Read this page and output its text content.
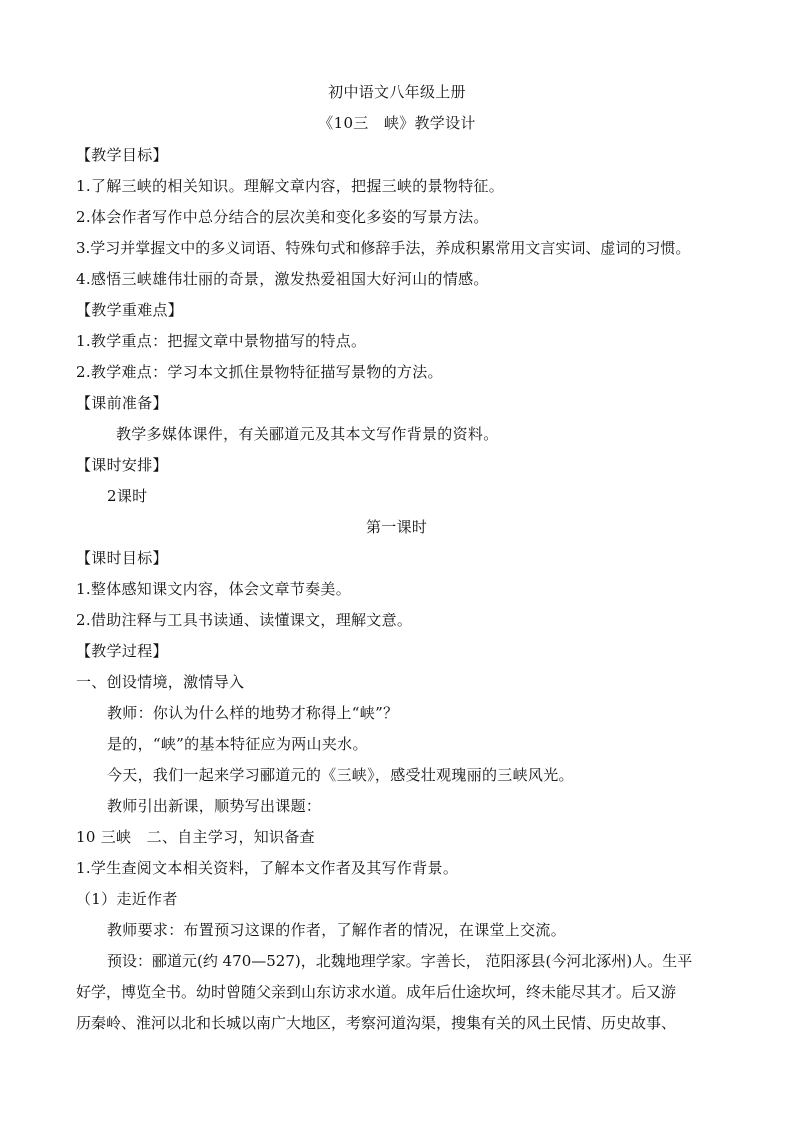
初中语文八年级上册
《10三　峡》教学设计
【教学目标】
1.了解三峡的相关知识。理解文章内容，把握三峡的景物特征。
2.体会作者写作中总分结合的层次美和变化多姿的写景方法。
3.学习并掌握文中的多义词语、特殊句式和修辞手法，养成积累常用文言实词、虚词的习惯。
4.感悟三峡雄伟壮丽的奇景，激发热爱祖国大好河山的情感。
【教学重难点】
1.教学重点：把握文章中景物描写的特点。
2.教学难点：学习本文抓住景物特征描写景物的方法。
【课前准备】
教学多媒体课件，有关郦道元及其本文写作背景的资料。
【课时安排】
2课时
第一课时
【课时目标】
1.整体感知课文内容，体会文章节奏美。
2.借助注释与工具书读通、读懂课文，理解文意。
【教学过程】
一、创设情境，激情导入
教师：你认为什么样的地势才称得上“峡”？
是的，“峡”的基本特征应为两山夹水。
今天，我们一起来学习郦道元的《三峡》，感受壮观瑰丽的三峡风光。
教师引出新课，顺势写出课题：
10 三峡　二、自主学习，知识备查
1.学生查阅文本相关资料，了解本文作者及其写作背景。
（1）走近作者
教师要求：布置预习这课的作者，了解作者的情况，在课堂上交流。
预设：郦道元(约 470—527)，北魏地理学家。字善长， 范阳涿县(今河北涿州)人。生平
好学，博览全书。幼时曾随父亲到山东访求水道。成年后仕途坎坷，终未能尽其才。后又游
历秦岭、淮河以北和长城以南广大地区，考察河道沟渠，搜集有关的风土民情、历史故事、
